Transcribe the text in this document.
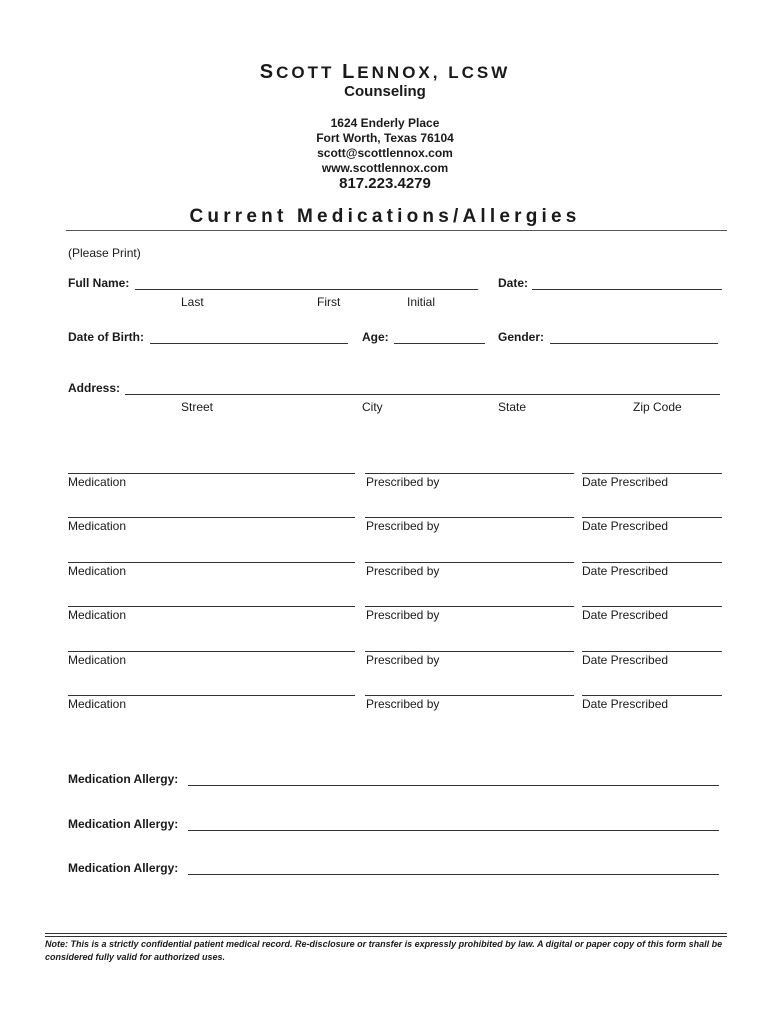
SCOTT LENNOX, LCSW
Counseling
1624 Enderly Place
Fort Worth, Texas 76104
scott@scottlennox.com
www.scottlennox.com
817.223.4279
Current Medications/Allergies
(Please Print)
Full Name:	Date:
Last	First	Initial
Date of Birth:	Age:	Gender:
Address:
Street	City	State	Zip Code
Medication	Prescribed by	Date Prescribed
Medication	Prescribed by	Date Prescribed
Medication	Prescribed by	Date Prescribed
Medication	Prescribed by	Date Prescribed
Medication	Prescribed by	Date Prescribed
Medication	Prescribed by	Date Prescribed
Medication Allergy:
Medication Allergy:
Medication Allergy:
Note: This is a strictly confidential patient medical record. Re-disclosure or transfer is expressly prohibited by law. A digital or paper copy of this form shall be considered fully valid for authorized uses.
